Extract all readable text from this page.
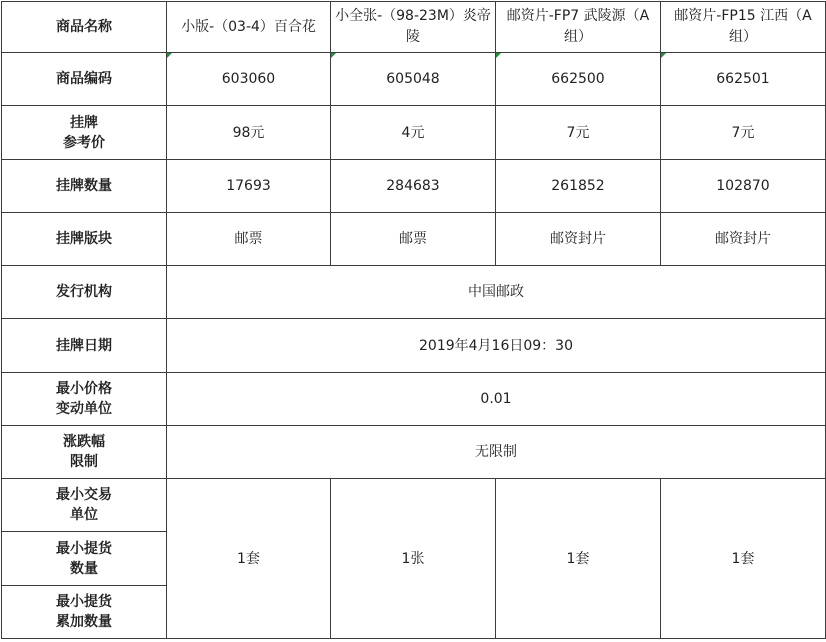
商品名称	小版-（03-4）百合花	小全张-（98-23M）炎帝陵	邮资片-FP7 武陵源（A组）	邮资片-FP15 江西（A组）
商品编码	603060	605048	662500	662501
挂牌
参考价	98元	4元	7元	7元
挂牌数量	17693	284683	261852	102870
挂牌版块	邮票	邮票	邮资封片	邮资封片
发行机构	中国邮政			
挂牌日期	2019年4月16日09：30			
最小价格
变动单位	0.01			
涨跌幅
限制	无限制			
最小交易
单位	1套	1张	1套	1套
最小提货
数量				
最小提货
累加数量				
